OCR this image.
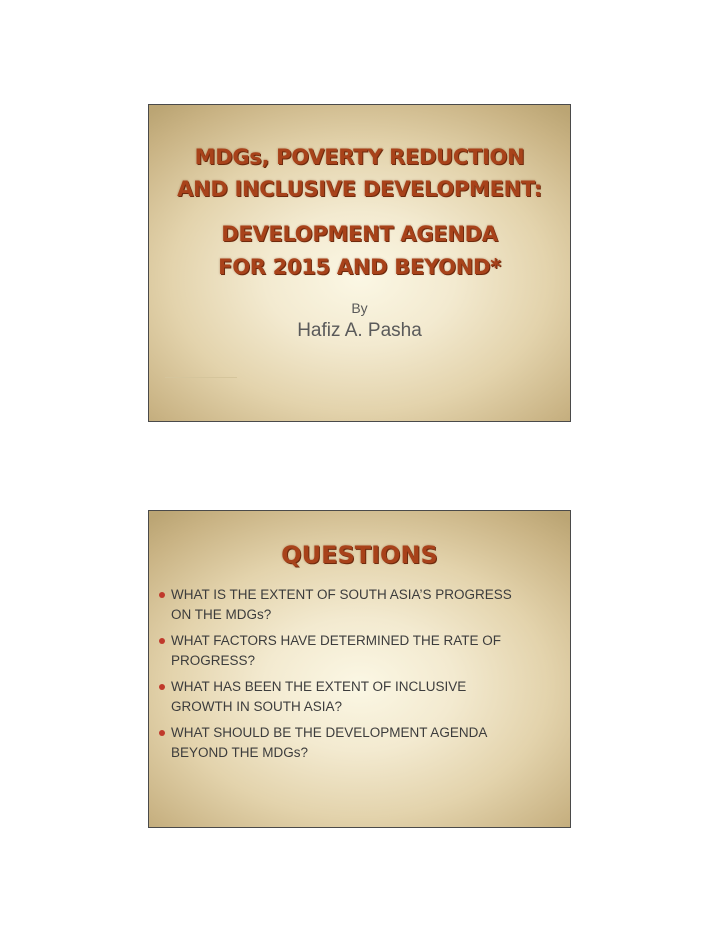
MDGs, POVERTY REDUCTION
AND INCLUSIVE DEVELOPMENT:
DEVELOPMENT AGENDA
FOR 2015 AND BEYOND*
By
Hafiz A. Pasha
QUESTIONS
WHAT IS THE EXTENT OF SOUTH ASIA’S PROGRESS
ON THE MDGs?
WHAT FACTORS HAVE DETERMINED THE RATE OF
PROGRESS?
WHAT HAS BEEN THE EXTENT OF INCLUSIVE
GROWTH IN SOUTH ASIA?
WHAT SHOULD BE THE DEVELOPMENT AGENDA
BEYOND THE MDGs?
